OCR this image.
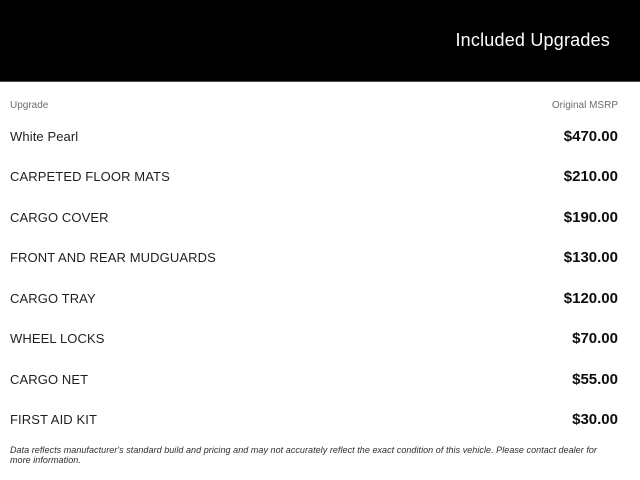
Included Upgrades
Upgrade	Original MSRP
White Pearl	$470.00
CARPETED FLOOR MATS	$210.00
CARGO COVER	$190.00
FRONT AND REAR MUDGUARDS	$130.00
CARGO TRAY	$120.00
WHEEL LOCKS	$70.00
CARGO NET	$55.00
FIRST AID KIT	$30.00
Data reflects manufacturer's standard build and pricing and may not accurately reflect the exact condition of this vehicle. Please contact dealer for more information.
